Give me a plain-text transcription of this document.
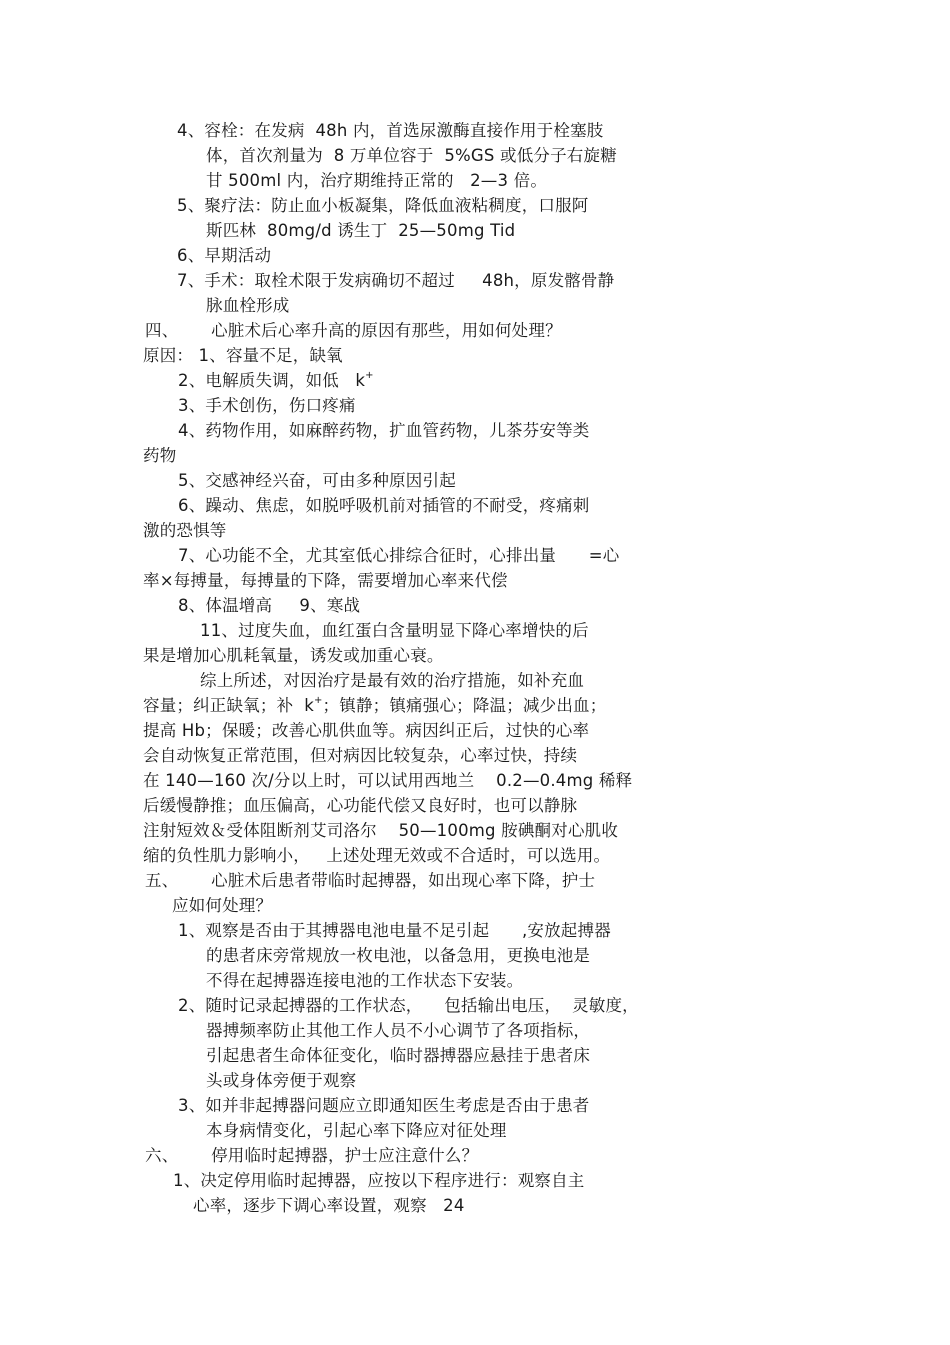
4、容栓：在发病  48h 内，首选尿激酶直接作用于栓塞肢
体，首次剂量为  8 万单位容于  5%GS 或低分子右旋糖
甘 500ml 内，治疗期维持正常的   2—3 倍。
5、聚疗法：防止血小板凝集，降低血液粘稠度，口服阿
斯匹林  80mg/d 诱生丁  25—50mg Tid
6、早期活动
7、手术：取栓术限于发病确切不超过     48h，原发髂骨静
脉血栓形成
四、      心脏术后心率升高的原因有那些，用如何处理？
原因： 1、容量不足，缺氧
2、电解质失调，如低   k+
3、手术创伤，伤口疼痛
4、药物作用，如麻醉药物，扩血管药物，儿茶芬安等类
药物
5、交感神经兴奋，可由多种原因引起
6、躁动、焦虑，如脱呼吸机前对插管的不耐受，疼痛刺
激的恐惧等
7、心功能不全，尤其室低心排综合征时，心排出量      =心
率×每搏量，每搏量的下降，需要增加心率来代偿
8、体温增高     9、寒战
11、过度失血，血红蛋白含量明显下降心率增快的后
果是增加心肌耗氧量，诱发或加重心衰。
综上所述，对因治疗是最有效的治疗措施，如补充血
容量；纠正缺氧；补  k+；镇静；镇痛强心；降温；减少出血；
提高 Hb；保暖；改善心肌供血等。病因纠正后，过快的心率
会自动恢复正常范围，但对病因比较复杂，心率过快，持续
在 140—160 次/分以上时，可以试用西地兰    0.2—0.4mg 稀释
后缓慢静推；血压偏高，心功能代偿又良好时，也可以静脉
注射短效＆受体阻断剂艾司洛尔    50—100mg 胺碘酮对心肌收
缩的负性肌力影响小，   上述处理无效或不合适时，可以选用。
五、      心脏术后患者带临时起搏器，如出现心率下降，护士
应如何处理？
1、观察是否由于其搏器电池电量不足引起      ,安放起搏器
的患者床旁常规放一枚电池，以备急用，更换电池是
不得在起搏器连接电池的工作状态下安装。
2、随时记录起搏器的工作状态，    包括输出电压，  灵敏度，
器搏频率防止其他工作人员不小心调节了各项指标，
引起患者生命体征变化，临时器搏器应悬挂于患者床
头或身体旁便于观察
3、如并非起搏器问题应立即通知医生考虑是否由于患者
本身病情变化，引起心率下降应对征处理
六、      停用临时起搏器，护士应注意什么？
1、决定停用临时起搏器，应按以下程序进行：观察自主
心率，逐步下调心率设置，观察   24
